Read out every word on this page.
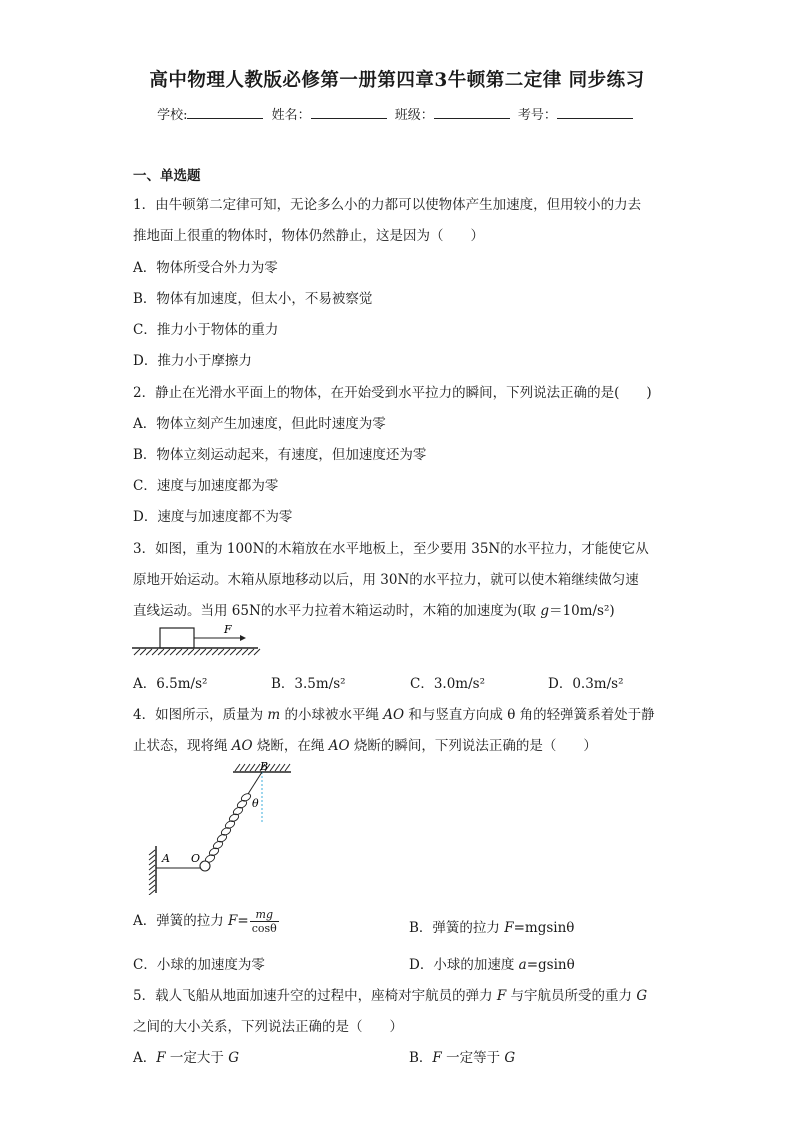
高中物理人教版必修第一册第四章3牛顿第二定律 同步练习
学校:	姓名：	班级：	考号：
一、单选题
1．由牛顿第二定律可知，无论多么小的力都可以使物体产生加速度，但用较小的力去
推地面上很重的物体时，物体仍然静止，这是因为（　　）
A．物体所受合外力为零
B．物体有加速度，但太小，不易被察觉
C．推力小于物体的重力
D．推力小于摩擦力
2．静止在光滑水平面上的物体，在开始受到水平拉力的瞬间，下列说法正确的是(　　)
A．物体立刻产生加速度，但此时速度为零
B．物体立刻运动起来，有速度，但加速度还为零
C．速度与加速度都为零
D．速度与加速度都不为零
3．如图，重为 100N的木箱放在水平地板上，至少要用 35N的水平拉力，才能使它从
原地开始运动。木箱从原地移动以后，用 30N的水平拉力，就可以使木箱继续做匀速
直线运动。当用 65N的水平力拉着木箱运动时，木箱的加速度为(取 g＝10m/s²)
F
A．6.5m/s²	B．3.5m/s²	C．3.0m/s²	D．0.3m/s²
4．如图所示，质量为 m 的小球被水平绳 AO 和与竖直方向成 θ 角的轻弹簧系着处于静
止状态，现将绳 AO 烧断，在绳 AO 烧断的瞬间，下列说法正确的是（　　）
B
θ
A O
A．弹簧的拉力 $F= \frac{mg}{\cos\theta}$	B．弹簧的拉力 F=mgsinθ
C．小球的加速度为零	D．小球的加速度 a=gsinθ
5．载人飞船从地面加速升空的过程中，座椅对宇航员的弹力 F 与宇航员所受的重力 G
之间的大小关系，下列说法正确的是（　　）
A．F 一定大于 G	B．F 一定等于 G
